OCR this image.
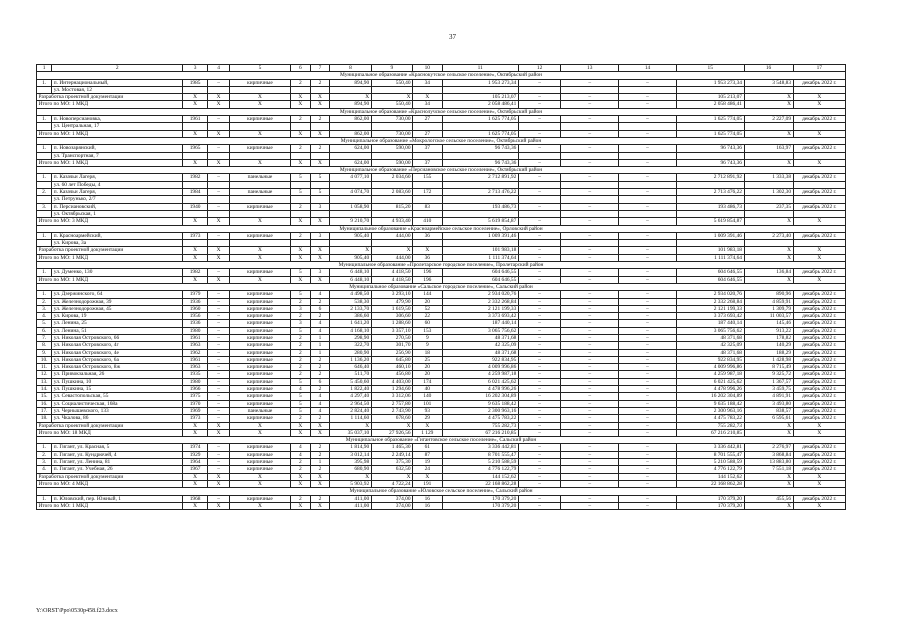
37
1	2	3	4	5	6	7	8	9	10	11	12	13	14	15	16	17
Муниципальное образование «Краснокутское сельское поселение», Октябрьский район																
1.	п. Интернациональный,	1985	–	кирпичные	2	2	894,90	550,40	34	1 953 273,34	–	–	–	1 953 273,34	3 548,83	декабрь 2022 г.
	ул. Мостовая, 12															
Разработка проектной документации		X	X	X	X	X	X	X	X	105 213,07	–	–	–	105 213,07	X	X
Итого по МО: 1 МКД		X	X	X	X	X	894,90	550,40	34	2 058 486,41	–	–	–	2 058 486,41	X	X
Муниципальное образование «Краснолучское сельское поселение», Октябрьский район																
1.	п. Новоперсиановка,	1961	–	кирпичные	2	2	862,00	730,00	27	1 625 774,05	–	–	–	1 625 774,05	2 227,09	декабрь 2022 г.
	ул. Центральная, 17															
Итого по МО: 1 МКД		X	X	X	X	X	862,00	730,00	27	1 625 774,05	–	–	–	1 625 774,05	X	X
Муниципальное образование «Мокрологское сельское поселение», Октябрьский район																
1.	п. Новозарянский,	1965	–	кирпичные	2	2	624,00	590,00	37	96 743,36	–	–	–	96 743,36	163,97	декабрь 2022 г.
	ул. Транспортная, 7															
Итого по МО: 1 МКД		X	X	X	X	X	624,00	590,00	37	96 743,36	–	–	–	96 743,36	X	X
Муниципальное образование «Персиановское сельское поселение», Октябрьский район																
1.	п. Казачьи Лагеря,	1982	–	панельные	5	5	4 077,10	2 034,60	155	2 712 891,92	–	–	–	2 712 891,92	1 333,38	декабрь 2022 г.
	ул. 60 лет Победы, 4															
2.	п. Казачьи Лагеря,	1984	–	панельные	5	5	4 074,70	2 083,60	172	2 713 476,22	–	–	–	2 713 476,22	1 302,30	декабрь 2022 г.
	ул. Петрунько, 2/7															
3.	п. Персиановский,	1940	–	кирпичные	2	3	1 058,90	815,20	83	193 486,73	–	–	–	193 486,73	237,35	декабрь 2022 г.
	ул. Октябрьская, 1															
Итого по МО: 3 МКД		X	X	X	X	X	9 210,70	4 933,40	410	5 619 854,87	–	–	–	5 619 854,87	X	X
Муниципальное образование «Красноармейское сельское поселение», Орловский район																
1.	п. Красноармейский,	1973	–	кирпичные	2	3	905,40	444,00	36	1 009 391,46	–	–	–	1 009 391,46	2 273,40	декабрь 2022 г.
	ул. Кирова, 3a															
Разработка проектной документации		X	X	X	X	X	X	X	X	101 983,18	–	–	–	101 983,18	X	X
Итого по МО: 1 МКД		X	X	X	X	X	905,40	444,00	36	1 111 374,64	–	–	–	1 111 374,64	X	X
Муниципальное образование «Пролетарское городское поселение», Пролетарский район																
1.	ул. Думенко, 130	1982	–	кирпичные	5	3	6 448,10	4 418,50	196	604 646,55	–	–	–	604 646,55	136,84	декабрь 2022 г.
Итого по МО: 1 МКД		X	X	X	X	X	6 448,10	4 418,50	196	604 646,55	–	–	–	604 646,55	X	X
Муниципальное образование «Сальское городское поселение», Сальский район																
1.	ул. Дзержинского, 64	1979	–	кирпичные	5	4	4 498,50	3 293,10	144	2 934 020,76	–	–	–	2 934 020,76	890,96	декабрь 2022 г.
2.	ул. Железнодорожная, 39	1936	–	кирпичные	2	2	538,30	479,90	20	2 332 268,84	–	–	–	2 332 268,84	4 859,91	декабрь 2022 г.
3.	ул. Железнодорожная, 45	1960	–	кирпичные	3	6	2 133,70	1 619,50	52	2 121 199,33	–	–	–	2 121 199,33	1 309,79	декабрь 2022 г.
4.	ул. Кирова, 19	1956	–	кирпичные	2	2	386,60	306,60	22	3 373 693,42	–	–	–	3 373 693,42	11 003,57	декабрь 2022 г.
5.	ул. Ленина, 25	1936	–	кирпичные	3	4	1 641,20	1 288,60	60	187 440,14	–	–	–	187 440,14	145,46	декабрь 2022 г.
6.	ул. Ленина, 51	1980	–	кирпичные	5	4	4 168,10	3 357,10	153	3 065 756,62	–	–	–	3 065 756,62	913,22	декабрь 2022 г.
7.	ул. Николая Островского, 66	1961	–	кирпичные	2	1	298,90	270,50	9	48 371,68	–	–	–	48 371,68	178,82	декабрь 2022 г.
8.	ул. Николая Островского, 4г	1963	–	кирпичные	2	1	322,70	301,70	9	42 325,09	–	–	–	42 325,09	140,29	декабрь 2022 г.
9.	ул. Николая Островского, 4е	1962	–	кирпичные	2	1	280,90	256,90	18	48 371,68	–	–	–	48 371,68	188,29	декабрь 2022 г.
10.	ул. Николая Островского, 6а	1961	–	кирпичные	2	2	1 136,20	645,80	25	922 834,95	–	–	–	922 834,95	1 428,98	декабрь 2022 г.
11.	ул. Николая Островского, 8ж	1963	–	кирпичные	2	2	646,40	460,10	20	4 009 996,86	–	–	–	4 009 996,86	8 715,49	декабрь 2022 г.
12.	ул. Привокзальная, 26	1935	–	кирпичные	2	2	511,70	456,80	20	4 259 987,18	–	–	–	4 259 987,18	9 325,72	декабрь 2022 г.
13.	ул. Пушкина, 10	1980	–	кирпичные	5	6	5 450,60	4 403,00	174	6 021 425,62	–	–	–	6 021 425,62	1 367,57	декабрь 2022 г.
14.	ул. Пушкина, 15	1966	–	кирпичные	4	2	1 822,40	1 294,60	40	4 478 996,26	–	–	–	4 478 996,26	3 459,75	декабрь 2022 г.
15.	ул. Севастопольская, 55	1975	–	кирпичные	5	4	4 297,40	3 312,06	140	16 202 304,89	–	–	–	16 202 304,89	4 891,91	декабрь 2022 г.
16.	ул. Социалистическая, 168а	1970	–	кирпичные	5	4	2 964,50	2 757,80	101	9 635 188,42	–	–	–	9 635 188,42	3 493,80	декабрь 2022 г.
17.	ул. Чернышевского, 133	1969	–	панельные	5	4	2 824,40	2 743,90	93	2 300 963,16	–	–	–	2 300 963,16	838,57	декабрь 2022 г.
18.	ул. Чкалова, 86	1973	–	кирпичные	2	2	1 114,60	678,60	29	4 475 783,22	–	–	–	4 475 783,22	6 595,61	декабрь 2022 г.
Разработка проектной документации		X	X	X	X	X	X	X	X	755 282,73	–	–	–	755 282,73	X	X
Итого по МО: 18 МКД		X	X	X	X	X	35 037,10	27 926,56	1 129	67 216 210,85	–	–	–	67 216 210,85	X	X
Муниципальное образование «Гигантовское сельское поселение», Сальский район																
1.	п. Гигант, ул. Красная, 5	1974	–	кирпичные	4	2	1 814,90	1 465,30	61	3 336 442,81	–	–	–	3 336 442,81	2 276,97	декабрь 2022 г.
2.	п. Гигант, ул. Кундрючей, 4	1929	–	кирпичные	4	2	3 012,14	2 249,14	87	8 701 555,47	–	–	–	8 701 555,47	3 868,84	декабрь 2022 г.
3.	п. Гигант, ул. Ленина, 81	1964	–	кирпичные	2	1	395,98	375,30	19	5 210 588,59	–	–	–	5 210 588,59	13 883,80	декабрь 2022 г.
4.	п. Гигант, ул. Учебная, 26	1967	–	кирпичные	2	2	680,90	632,50	24	4 776 122,79	–	–	–	4 776 122,79	7 551,18	декабрь 2022 г.
Разработка проектной документации		X	X	X	X	X	X	X	X	144 152,62	–	–	–	144 152,62	X	X
Итого по МО: 4 МКД		X	X	X	X	X	5 903,92	4 722,24	191	22 168 862,28	–	–	–	22 168 862,28	X	X
Муниципальное образование «Юловское сельское поселение», Сальский район																
1.	п. Юловский, пер. Южный, 1	1968	–	кирпичные	2	2	411,00	374,00	16	170 379,20	–	–	–	170 379,20	455,56	декабрь 2022 г.
Итого по МО: 1 МКД		X	X	X	X	X	411,00	374,00	16	170 379,20	–	–	–	170 379,20	X	X
Y:\ORST\Ppo\0530p458.f23.docx
